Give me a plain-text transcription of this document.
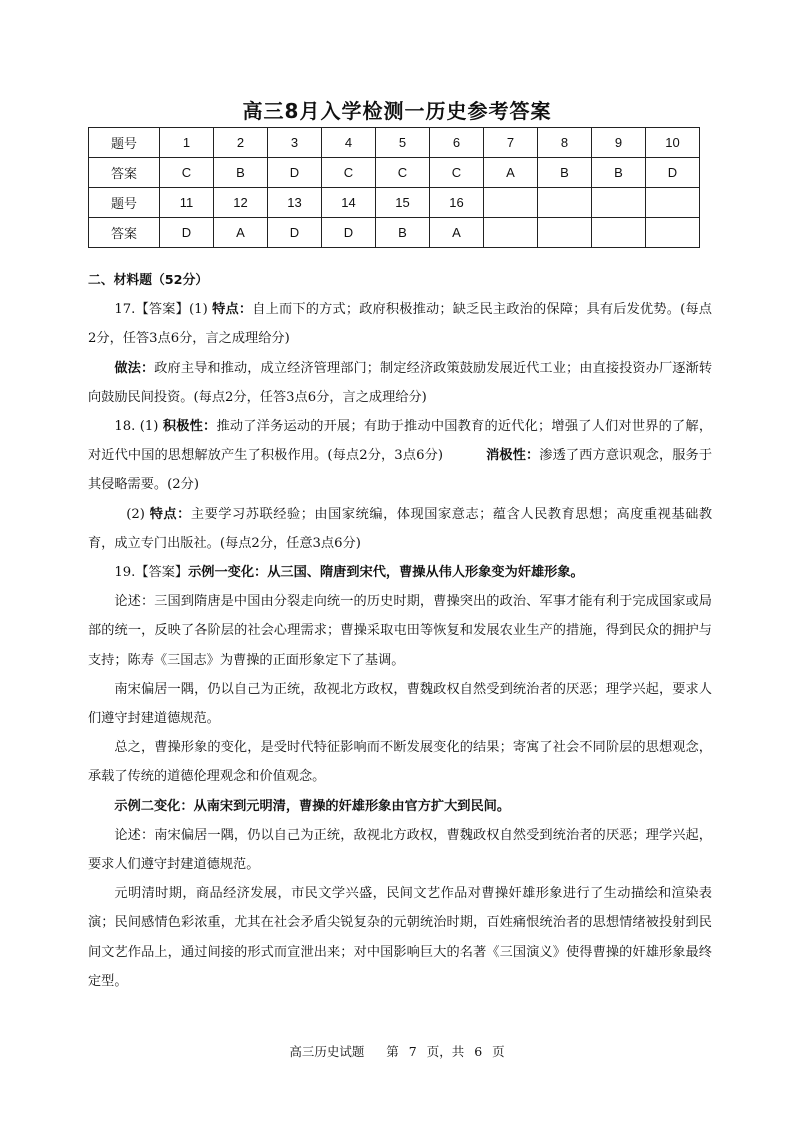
高三8月入学检测一历史参考答案
题号	1	2	3	4	5	6	7	8	9	10
答案	C	B	D	C	C	C	A	B	B	D
题号	11	12	13	14	15	16				
答案	D	A	D	D	B	A				

二、材料题（52分）

17.【答案】(1) 特点：自上而下的方式；政府积极推动；缺乏民主政治的保障；具有后发优势。(每点2分，任答3点6分，言之成理给分)

做法：政府主导和推动，成立经济管理部门；制定经济政策鼓励发展近代工业；由直接投资办厂逐渐转向鼓励民间投资。(每点2分，任答3点6分，言之成理给分)

18. (1) 积极性：推动了洋务运动的开展；有助于推动中国教育的近代化；增强了人们对世界的了解，对近代中国的思想解放产生了积极作用。(每点2分，3点6分)	消极性：渗透了西方意识观念，服务于其侵略需要。(2分)

(2) 特点：主要学习苏联经验；由国家统编，体现国家意志；蕴含人民教育思想；高度重视基础教育，成立专门出版社。(每点2分，任意3点6分)

19.【答案】示例一变化：从三国、隋唐到宋代，曹操从伟人形象变为奸雄形象。

论述：三国到隋唐是中国由分裂走向统一的历史时期，曹操突出的政治、军事才能有利于完成国家或局部的统一，反映了各阶层的社会心理需求；曹操采取屯田等恢复和发展农业生产的措施，得到民众的拥护与支持；陈寿《三国志》为曹操的正面形象定下了基调。

南宋偏居一隅，仍以自己为正统，敌视北方政权，曹魏政权自然受到统治者的厌恶；理学兴起，要求人们遵守封建道德规范。

总之，曹操形象的变化，是受时代特征影响而不断发展变化的结果；寄寓了社会不同阶层的思想观念，承载了传统的道德伦理观念和价值观念。

示例二变化：从南宋到元明清，曹操的奸雄形象由官方扩大到民间。

论述：南宋偏居一隅，仍以自己为正统，敌视北方政权，曹魏政权自然受到统治者的厌恶；理学兴起，要求人们遵守封建道德规范。

元明清时期，商品经济发展，市民文学兴盛，民间文艺作品对曹操奸雄形象进行了生动描绘和渲染表演；民间感情色彩浓重，尤其在社会矛盾尖锐复杂的元朝统治时期，百姓痛恨统治者的思想情绪被投射到民间文艺作品上，通过间接的形式而宣泄出来；对中国影响巨大的名著《三国演义》使得曹操的奸雄形象最终定型。

高三历史试题 第 7 页，共 6 页
